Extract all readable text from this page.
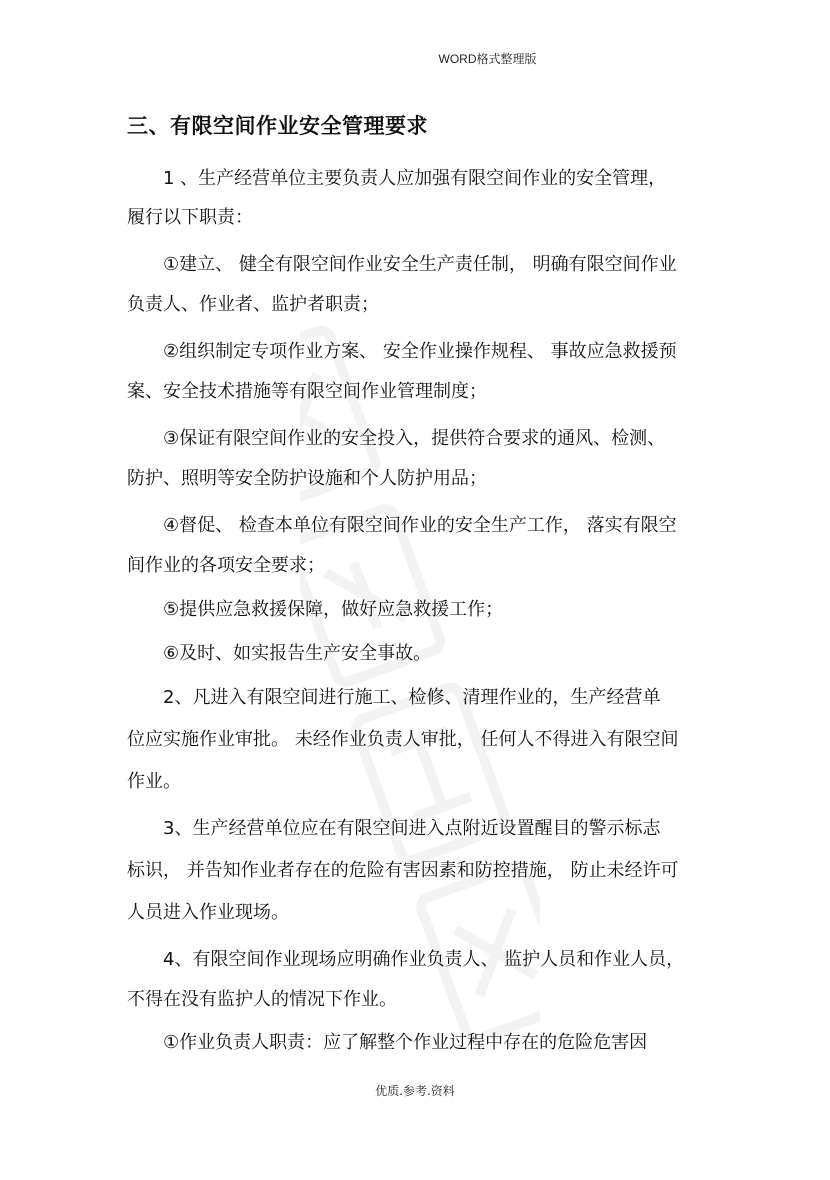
WORD格式整理版
三、有限空间作业安全管理要求

1 、生产经营单位主要负责人应加强有限空间作业的安全管理，

履行以下职责：

①建立、 健全有限空间作业安全生产责任制， 明确有限空间作业

负责人、作业者、监护者职责；

②组织制定专项作业方案、 安全作业操作规程、 事故应急救援预

案、安全技术措施等有限空间作业管理制度；

③保证有限空间作业的安全投入，提供符合要求的通风、检测、

防护、照明等安全防护设施和个人防护用品；

④督促、 检查本单位有限空间作业的安全生产工作， 落实有限空

间作业的各项安全要求；

⑤提供应急救援保障，做好应急救援工作；

⑥及时、如实报告生产安全事故。

2、凡进入有限空间进行施工、检修、清理作业的，生产经营单

位应实施作业审批。 未经作业负责人审批， 任何人不得进入有限空间

作业。

3、生产经营单位应在有限空间进入点附近设置醒目的警示标志

标识， 并告知作业者存在的危险有害因素和防控措施， 防止未经许可

人员进入作业现场。

4、有限空间作业现场应明确作业负责人、 监护人员和作业人员，

不得在没有监护人的情况下作业。

①作业负责人职责：应了解整个作业过程中存在的危险危害因

优质.参考.资料
